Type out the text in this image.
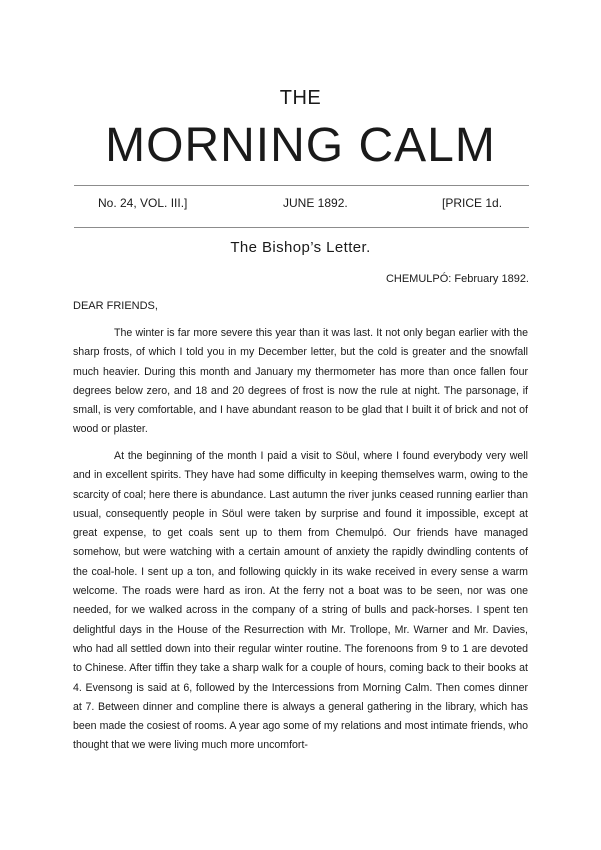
THE
MORNING CALM
No. 24, VOL. III.]	JUNE 1892.	[PRICE 1d.
The Bishop’s Letter.
CHEMULPÓ: February 1892.
DEAR FRIENDS,

The winter is far more severe this year than it was last. It not only began earlier with the sharp frosts, of which I told you in my December letter, but the cold is greater and the snowfall much heavier. During this month and January my thermometer has more than once fallen four degrees below zero, and 18 and 20 degrees of frost is now the rule at night. The parsonage, if small, is very comfortable, and I have abundant reason to be glad that I built it of brick and not of wood or plaster.

At the beginning of the month I paid a visit to Söul, where I found everybody very well and in excellent spirits. They have had some difficulty in keeping themselves warm, owing to the scarcity of coal; here there is abundance. Last autumn the river junks ceased running earlier than usual, consequently people in Söul were taken by surprise and found it impossible, except at great expense, to get coals sent up to them from Chemulpó. Our friends have managed somehow, but were watching with a certain amount of anxiety the rapidly dwindling contents of the coal-hole. I sent up a ton, and following quickly in its wake received in every sense a warm welcome. The roads were hard as iron. At the ferry not a boat was to be seen, nor was one needed, for we walked across in the company of a string of bulls and pack-horses. I spent ten delightful days in the House of the Resurrection with Mr. Trollope, Mr. Warner and Mr. Davies, who had all settled down into their regular winter routine. The forenoons from 9 to 1 are devoted to Chinese. After tiffin they take a sharp walk for a couple of hours, coming back to their books at 4. Evensong is said at 6, followed by the Intercessions from Morning Calm. Then comes dinner at 7. Between dinner and compline there is always a general gathering in the library, which has been made the cosiest of rooms. A year ago some of my relations and most intimate friends, who thought that we were living much more uncomfort-
